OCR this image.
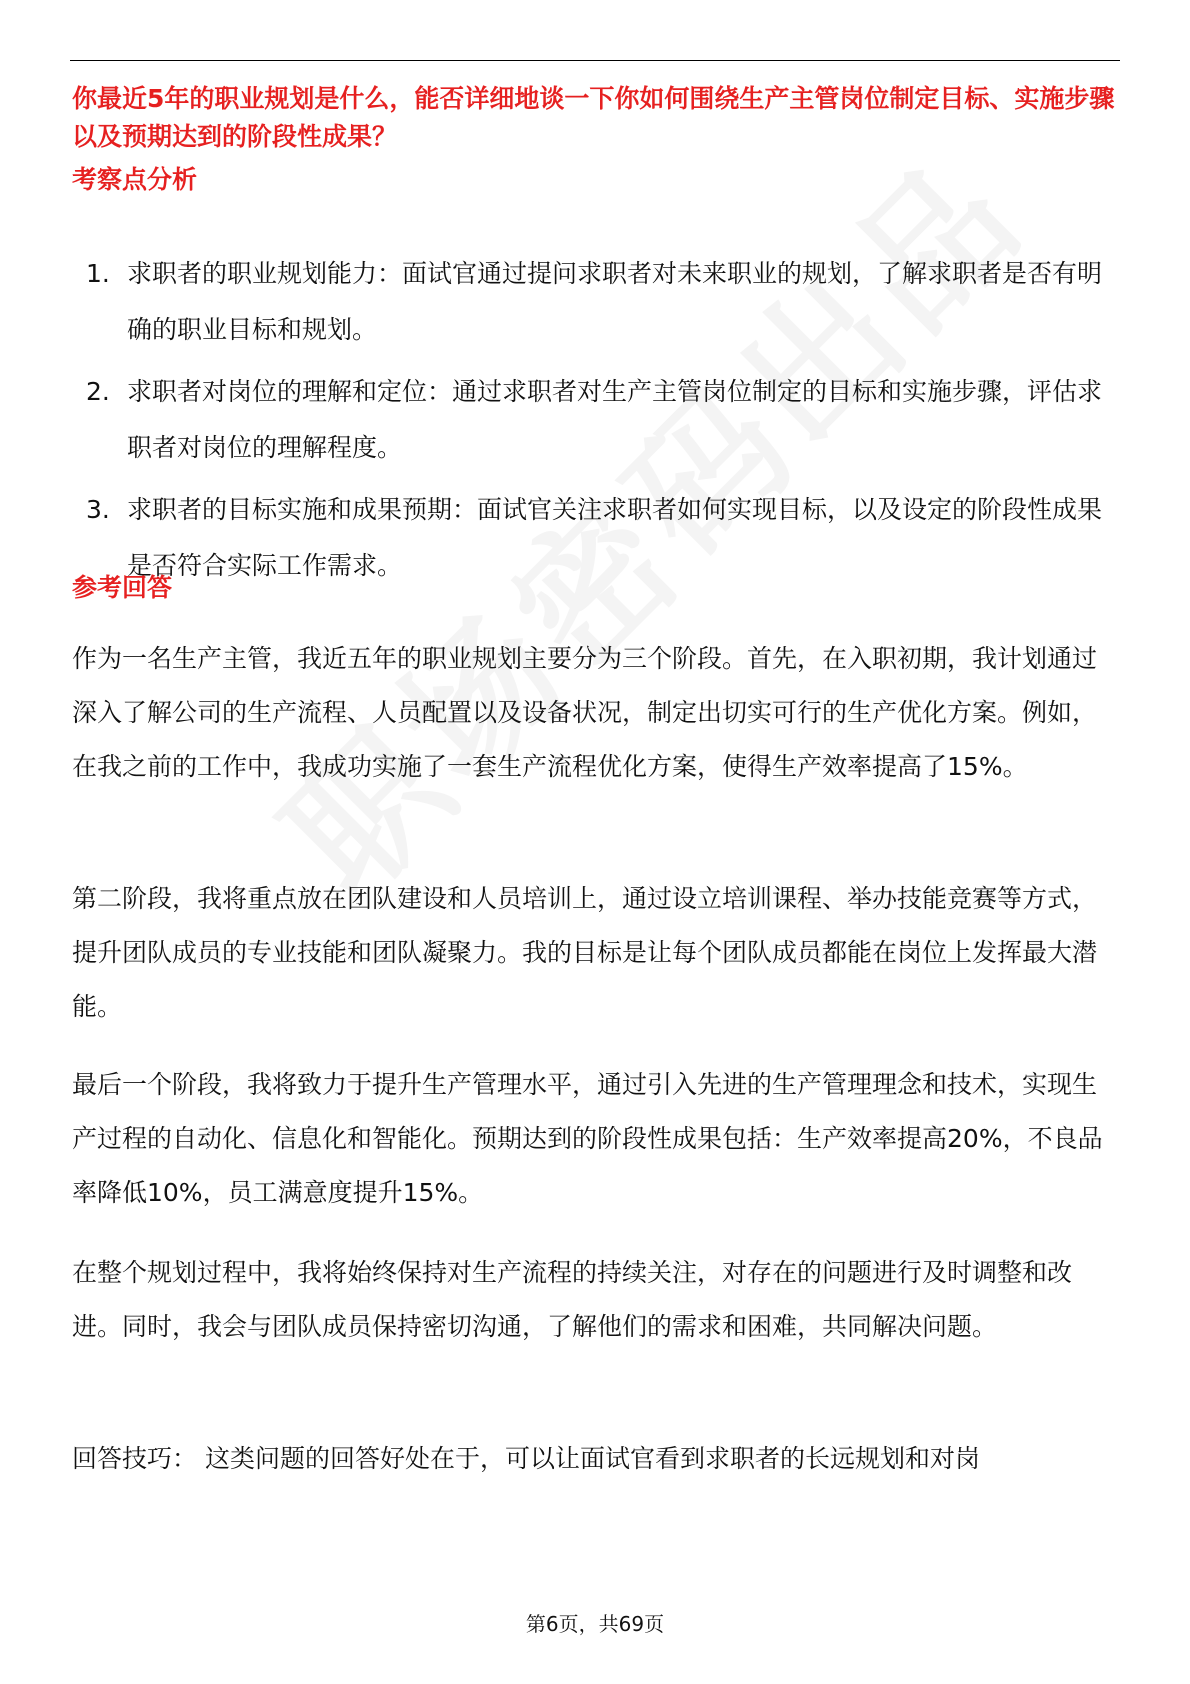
你最近5年的职业规划是什么，能否详细地谈一下你如何围绕生产主管岗位制定目标、实施步骤以及预期达到的阶段性成果？

考察点分析
1. 求职者的职业规划能力：面试官通过提问求职者对未来职业的规划，了解求职者是否有明确的职业目标和规划。
2. 求职者对岗位的理解和定位：通过求职者对生产主管岗位制定的目标和实施步骤，评估求职者对岗位的理解程度。
3. 求职者的目标实施和成果预期：面试官关注求职者如何实现目标，以及设定的阶段性成果是否符合实际工作需求。
参考回答

作为一名生产主管，我近五年的职业规划主要分为三个阶段。首先，在入职初期，我计划通过深入了解公司的生产流程、人员配置以及设备状况，制定出切实可行的生产优化方案。例如，在我之前的工作中，我成功实施了一套生产流程优化方案，使得生产效率提高了15%。

第二阶段，我将重点放在团队建设和人员培训上，通过设立培训课程、举办技能竞赛等方式，提升团队成员的专业技能和团队凝聚力。我的目标是让每个团队成员都能在岗位上发挥最大潜能。

最后一个阶段，我将致力于提升生产管理水平，通过引入先进的生产管理理念和技术，实现生产过程的自动化、信息化和智能化。预期达到的阶段性成果包括：生产效率提高20%，不良品率降低10%，员工满意度提升15%。

在整个规划过程中，我将始终保持对生产流程的持续关注，对存在的问题进行及时调整和改进。同时，我会与团队成员保持密切沟通，了解他们的需求和困难，共同解决问题。

回答技巧： 这类问题的回答好处在于，可以让面试官看到求职者的长远规划和对岗

第6页，共69页
